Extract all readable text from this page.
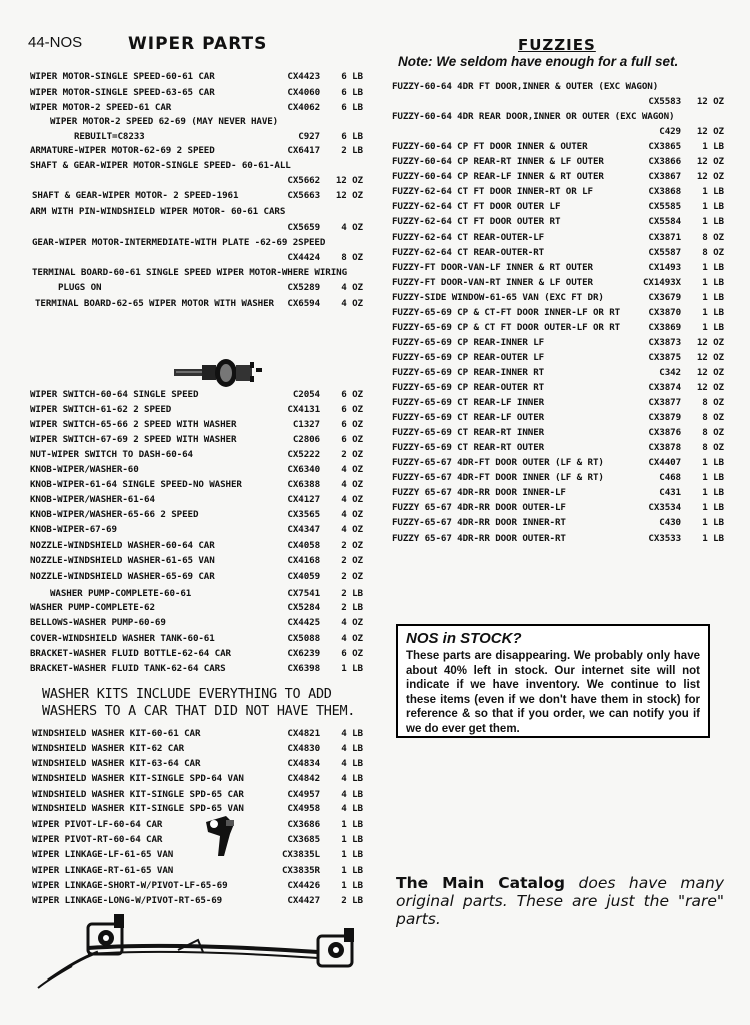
44-NOS	WIPER PARTS	FUZZIES
Note: We seldom have enough for a full set.
WIPER MOTOR-SINGLE SPEED-60-61 CAR	CX4423 6 LB
WIPER MOTOR-SINGLE SPEED-63-65 CAR	CX4060 6 LB
WIPER MOTOR-2 SPEED-61 CAR	CX4062 6 LB
WIPER MOTOR-2 SPEED 62-69 (MAY NEVER HAVE)
REBUILT=C8233	C927 6 LB
ARMATURE-WIPER MOTOR-62-69 2 SPEED	CX6417 2 LB
SHAFT & GEAR-WIPER MOTOR-SINGLE SPEED- 60-61-ALL
CX5662 12 OZ
SHAFT & GEAR-WIPER MOTOR- 2 SPEED-1961	CX5663 12 OZ
ARM WITH PIN-WINDSHIELD WIPER MOTOR- 60-61 CARS
CX5659 4 OZ
GEAR-WIPER MOTOR-INTERMEDIATE-WITH PLATE -62-69 2SPEED
CX4424 8 OZ
TERMINAL BOARD-60-61 SINGLE SPEED WIPER MOTOR-WHERE WIRING
PLUGS ON	CX5289 4 OZ
TERMINAL BOARD-62-65 WIPER MOTOR WITH WASHER CX6594 4 OZ
WIPER SWITCH-60-64 SINGLE SPEED	C2054 6 OZ
WIPER SWITCH-61-62 2 SPEED	CX4131 6 OZ
WIPER SWITCH-65-66 2 SPEED WITH WASHER	C1327 6 OZ
WIPER SWITCH-67-69 2 SPEED WITH WASHER	C2806 6 OZ
NUT-WIPER SWITCH TO DASH-60-64	CX5222 2 OZ
KNOB-WIPER/WASHER-60	CX6340 4 OZ
KNOB-WIPER-61-64 SINGLE SPEED-NO WASHER	CX6388 4 OZ
KNOB-WIPER/WASHER-61-64	CX4127 4 OZ
KNOB-WIPER/WASHER-65-66 2 SPEED	CX3565 4 OZ
KNOB-WIPER-67-69	CX4347 4 OZ
NOZZLE-WINDSHIELD WASHER-60-64 CAR	CX4058 2 OZ
NOZZLE-WINDSHIELD WASHER-61-65 VAN	CX4168 2 OZ
NOZZLE-WINDSHIELD WASHER-65-69 CAR	CX4059 2 OZ
WASHER PUMP-COMPLETE-60-61	CX7541 2 LB
WASHER PUMP-COMPLETE-62	CX5284 2 LB
BELLOWS-WASHER PUMP-60-69	CX4425 4 OZ
COVER-WINDSHIELD WASHER TANK-60-61	CX5088 4 OZ
BRACKET-WASHER FLUID BOTTLE-62-64 CAR	CX6239 6 OZ
BRACKET-WASHER FLUID TANK-62-64 CARS	CX6398 1 LB
WINDSHIELD WASHER KIT-60-61 CAR	CX4821 4 LB
WINDSHIELD WASHER KIT-62 CAR	CX4830 4 LB
WINDSHIELD WASHER KIT-63-64 CAR	CX4834 4 LB
WINDSHIELD WASHER KIT-SINGLE SPD-64 VAN	CX4842 4 LB
WINDSHIELD WASHER KIT-SINGLE SPD-65 CAR	CX4957 4 LB
WINDSHIELD WASHER KIT-SINGLE SPD-65 VAN	CX4958 4 LB
WIPER PIVOT-LF-60-64 CAR	CX3686 1 LB
WIPER PIVOT-RT-60-64 CAR	CX3685 1 LB
WIPER LINKAGE-LF-61-65 VAN	CX3835L 1 LB
WIPER LINKAGE-RT-61-65 VAN	CX3835R 1 LB
WIPER LINKAGE-SHORT-W/PIVOT-LF-65-69	CX4426 1 LB
WIPER LINKAGE-LONG-W/PIVOT-RT-65-69	CX4427 2 LB
FUZZY-60-64 4DR FT DOOR,INNER & OUTER (EXC WAGON)
CX5583 12 OZ
FUZZY-60-64 4DR REAR DOOR,INNER OR OUTER (EXC WAGON)
C429 12 OZ
FUZZY-60-64 CP FT DOOR INNER & OUTER	CX3865 1 LB
FUZZY-60-64 CP REAR-RT INNER & LF OUTER	CX3866 12 OZ
FUZZY-60-64 CP REAR-LF INNER & RT OUTER	CX3867 12 OZ
FUZZY-62-64 CT FT DOOR INNER-RT OR LF	CX3868 1 LB
FUZZY-62-64 CT FT DOOR OUTER LF	CX5585 1 LB
FUZZY-62-64 CT FT DOOR OUTER RT	CX5584 1 LB
FUZZY-62-64 CT REAR-OUTER-LF	CX3871 8 OZ
FUZZY-62-64 CT REAR-OUTER-RT	CX5587 8 OZ
FUZZY-FT DOOR-VAN-LF INNER & RT OUTER	CX1493 1 LB
FUZZY-FT DOOR-VAN-RT INNER & LF OUTER	CX1493X 1 LB
FUZZY-SIDE WINDOW-61-65 VAN (EXC FT DR)	CX3679 1 LB
FUZZY-65-69 CP & CT-FT DOOR INNER-LF OR RT	CX3870 1 LB
FUZZY-65-69 CP & CT FT DOOR OUTER-LF OR RT	CX3869 1 LB
FUZZY-65-69 CP REAR-INNER LF	CX3873 12 OZ
FUZZY-65-69 CP REAR-OUTER LF	CX3875 12 OZ
FUZZY-65-69 CP REAR-INNER RT	C342 12 OZ
FUZZY-65-69 CP REAR-OUTER RT	CX3874 12 OZ
FUZZY-65-69 CT REAR-LF INNER	CX3877 8 OZ
FUZZY-65-69 CT REAR-LF OUTER	CX3879 8 OZ
FUZZY-65-69 CT REAR-RT INNER	CX3876 8 OZ
FUZZY-65-69 CT REAR-RT OUTER	CX3878 8 OZ
FUZZY-65-67 4DR-FT DOOR OUTER (LF & RT)	CX4407 1 LB
FUZZY-65-67 4DR-FT DOOR INNER (LF & RT)	C468 1 LB
FUZZY 65-67 4DR-RR DOOR INNER-LF	C431 1 LB
FUZZY 65-67 4DR-RR DOOR OUTER-LF	CX3534 1 LB
FUZZY-65-67 4DR-RR DOOR INNER-RT	C430 1 LB
FUZZY 65-67 4DR-RR DOOR OUTER-RT	CX3533 1 LB
WASHER KITS INCLUDE EVERYTHING TO ADD
WASHERS TO A CAR THAT DID NOT HAVE THEM.
NOS in STOCK?
These parts are disappearing. We probably only have about 40% left in stock. Our internet site will not indicate if we have inventory. We continue to list these items (even if we don't have them in stock) for reference & so that if you order, we can notify you if we do ever get them.
The Main Catalog does have many original parts. These are just the "rare" parts.
